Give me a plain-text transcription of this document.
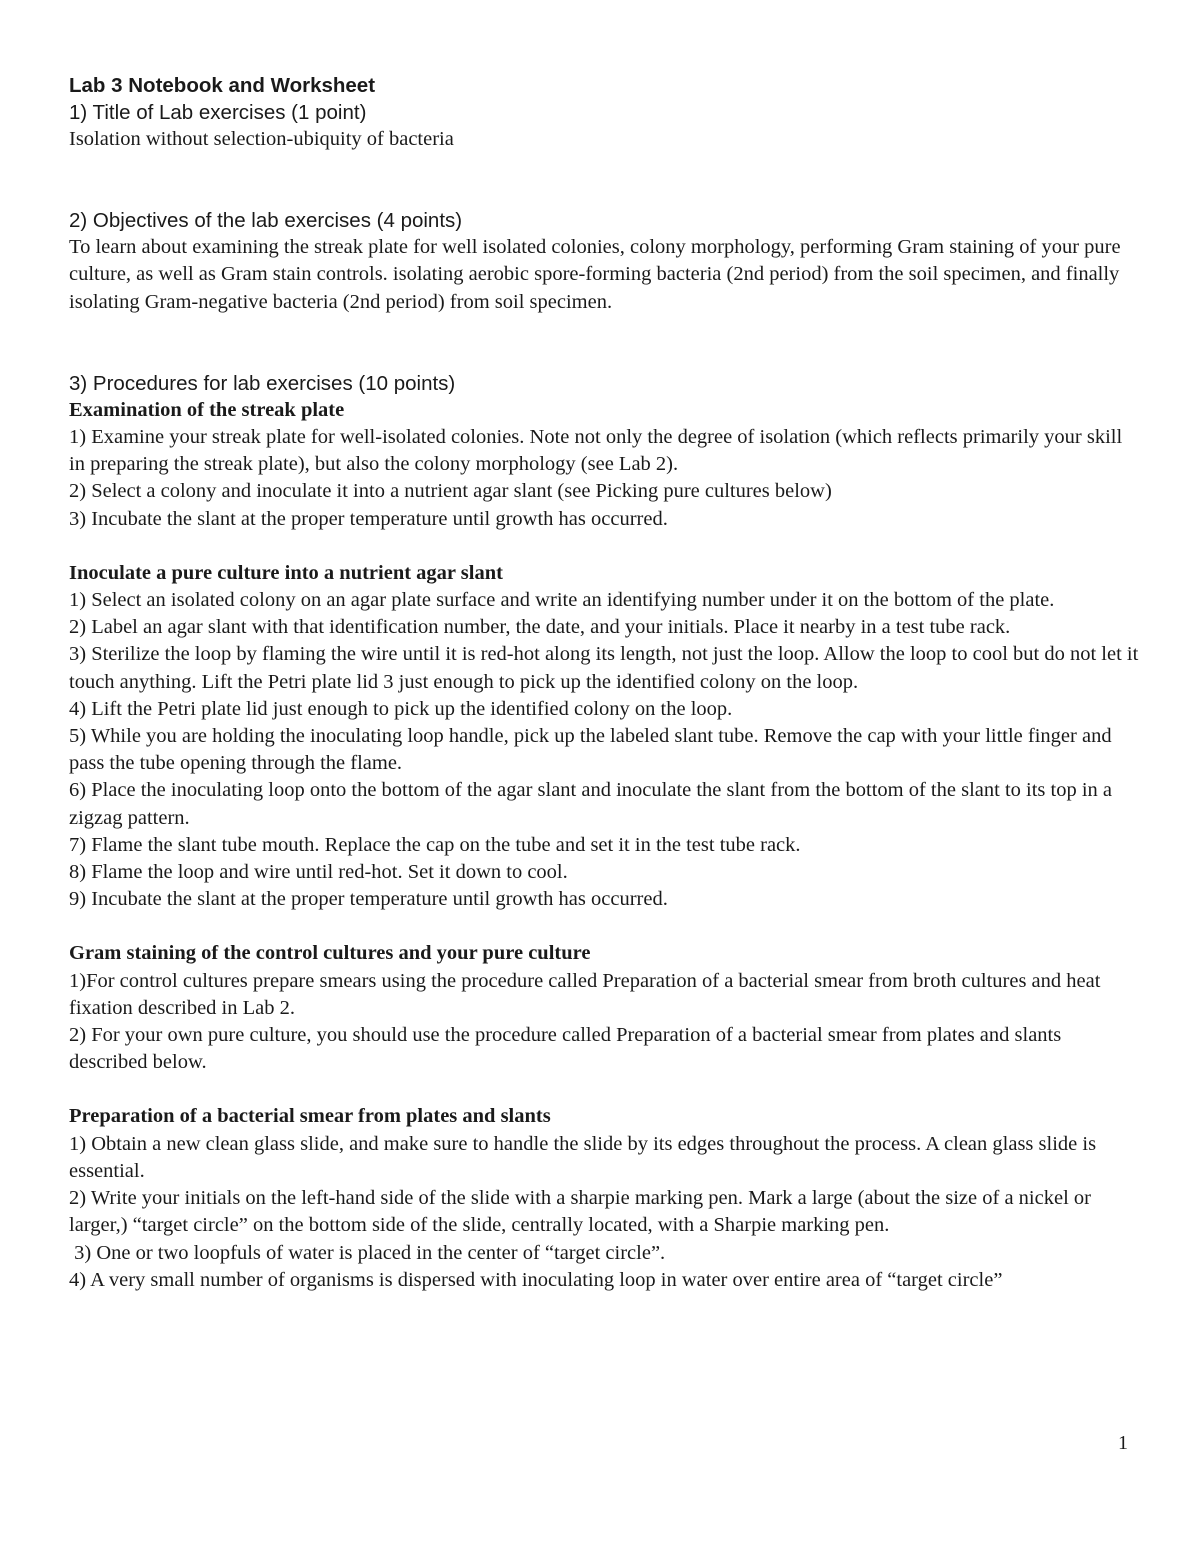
Lab 3 Notebook and Worksheet
1) Title of Lab exercises (1 point)
Isolation without selection-ubiquity of bacteria
2) Objectives of the lab exercises (4 points)
To learn about examining the streak plate for well isolated colonies, colony morphology, performing Gram staining of your pure culture, as well as Gram stain controls. isolating aerobic spore-forming bacteria (2nd period) from the soil specimen, and finally isolating Gram-negative bacteria (2nd period) from soil specimen.
3) Procedures for lab exercises (10 points)
Examination of the streak plate
1) Examine your streak plate for well-isolated colonies. Note not only the degree of isolation (which reflects primarily your skill in preparing the streak plate), but also the colony morphology (see Lab 2).
2) Select a colony and inoculate it into a nutrient agar slant (see Picking pure cultures below)
3) Incubate the slant at the proper temperature until growth has occurred.
Inoculate a pure culture into a nutrient agar slant
1) Select an isolated colony on an agar plate surface and write an identifying number under it on the bottom of the plate.
2) Label an agar slant with that identification number, the date, and your initials. Place it nearby in a test tube rack.
3) Sterilize the loop by flaming the wire until it is red-hot along its length, not just the loop. Allow the loop to cool but do not let it touch anything. Lift the Petri plate lid 3 just enough to pick up the identified colony on the loop.
4) Lift the Petri plate lid just enough to pick up the identified colony on the loop.
5) While you are holding the inoculating loop handle, pick up the labeled slant tube. Remove the cap with your little finger and pass the tube opening through the flame.
6) Place the inoculating loop onto the bottom of the agar slant and inoculate the slant from the bottom of the slant to its top in a zigzag pattern.
7) Flame the slant tube mouth. Replace the cap on the tube and set it in the test tube rack.
8) Flame the loop and wire until red-hot. Set it down to cool.
9) Incubate the slant at the proper temperature until growth has occurred.
Gram staining of the control cultures and your pure culture
1)For control cultures prepare smears using the procedure called Preparation of a bacterial smear from broth cultures and heat fixation described in Lab 2.
2) For your own pure culture, you should use the procedure called Preparation of a bacterial smear from plates and slants described below.
Preparation of a bacterial smear from plates and slants
1) Obtain a new clean glass slide, and make sure to handle the slide by its edges throughout the process. A clean glass slide is essential.
2) Write your initials on the left-hand side of the slide with a sharpie marking pen. Mark a large (about the size of a nickel or larger,) “target circle” on the bottom side of the slide, centrally located, with a Sharpie marking pen.
3) One or two loopfuls of water is placed in the center of “target circle”.
4) A very small number of organisms is dispersed with inoculating loop in water over entire area of “target circle”
1
